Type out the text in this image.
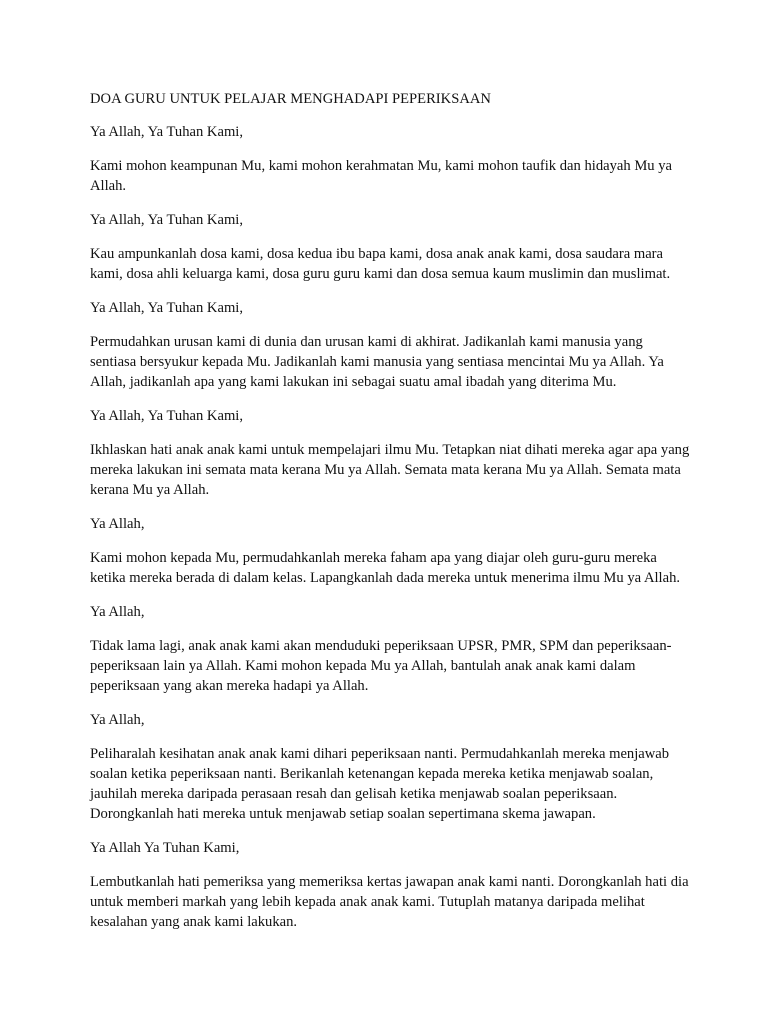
DOA GURU UNTUK PELAJAR MENGHADAPI PEPERIKSAAN

Ya Allah, Ya Tuhan Kami,

Kami mohon keampunan Mu, kami mohon kerahmatan Mu, kami mohon taufik dan hidayah Mu ya Allah.

Ya Allah, Ya Tuhan Kami,

Kau ampunkanlah dosa kami, dosa kedua ibu bapa kami, dosa anak anak kami, dosa saudara mara kami, dosa ahli keluarga kami, dosa guru guru kami dan dosa semua kaum muslimin dan muslimat.

Ya Allah, Ya Tuhan Kami,

Permudahkan urusan kami di dunia dan urusan kami di akhirat. Jadikanlah kami manusia yang sentiasa bersyukur kepada Mu. Jadikanlah kami manusia yang sentiasa mencintai Mu ya Allah. Ya Allah, jadikanlah apa yang kami lakukan ini sebagai suatu amal ibadah yang diterima Mu.

Ya Allah, Ya Tuhan Kami,

Ikhlaskan hati anak anak kami untuk mempelajari ilmu Mu. Tetapkan niat dihati mereka agar apa yang mereka lakukan ini semata mata kerana Mu ya Allah. Semata mata kerana Mu ya Allah. Semata mata kerana Mu ya Allah.

Ya Allah,

Kami mohon kepada Mu, permudahkanlah mereka faham apa yang diajar oleh guru-guru mereka ketika mereka berada di dalam kelas. Lapangkanlah dada mereka untuk menerima ilmu Mu ya Allah.

Ya Allah,

Tidak lama lagi, anak anak kami akan menduduki peperiksaan UPSR, PMR, SPM dan peperiksaan-peperiksaan lain ya Allah. Kami mohon kepada Mu ya Allah, bantulah anak anak kami dalam peperiksaan yang akan mereka hadapi ya Allah.

Ya Allah,

Peliharalah kesihatan anak anak kami dihari peperiksaan nanti. Permudahkanlah mereka menjawab soalan ketika peperiksaan nanti. Berikanlah ketenangan kepada mereka ketika menjawab soalan, jauhilah mereka daripada perasaan resah dan gelisah ketika menjawab soalan peperiksaan. Dorongkanlah hati mereka untuk menjawab setiap soalan sepertimana skema jawapan.

Ya Allah Ya Tuhan Kami,

Lembutkanlah hati pemeriksa yang memeriksa kertas jawapan anak kami nanti. Dorongkanlah hati dia untuk memberi markah yang lebih kepada anak anak kami. Tutuplah matanya daripada melihat kesalahan yang anak kami lakukan.
